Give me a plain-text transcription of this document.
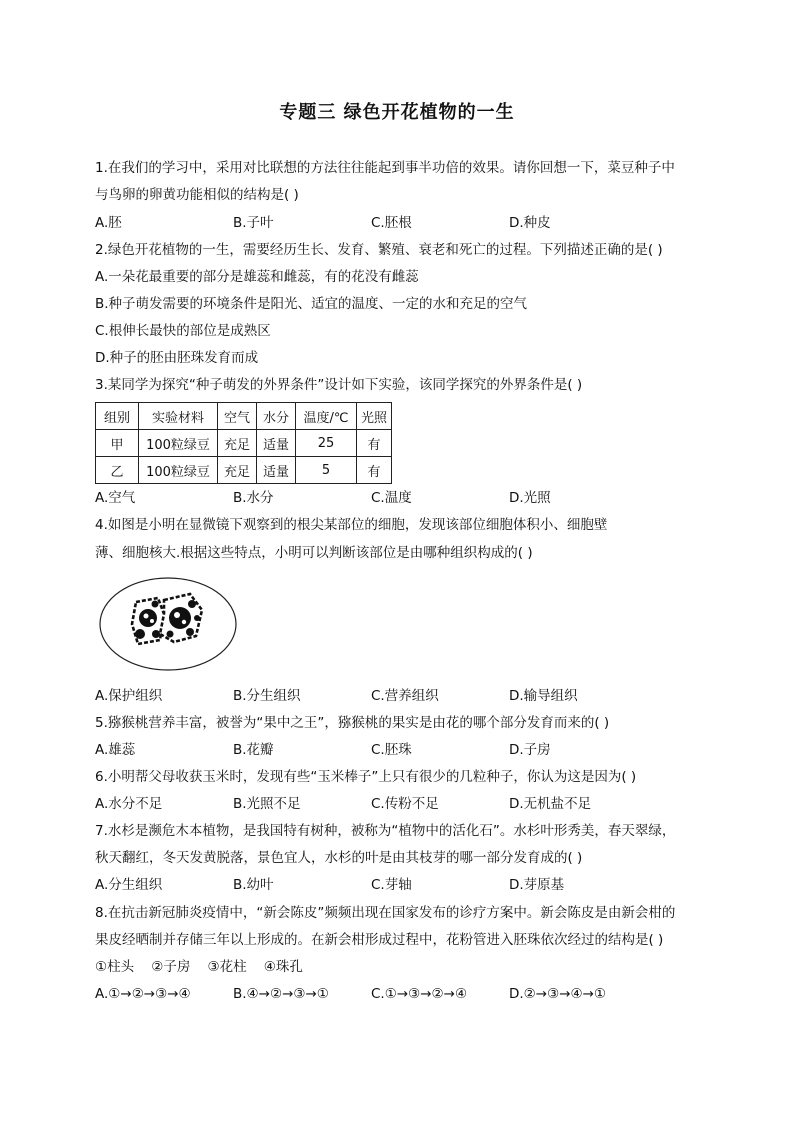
专题三 绿色开花植物的一生
1.在我们的学习中，采用对比联想的方法往往能起到事半功倍的效果。请你回想一下，菜豆种子中
与鸟卵的卵黄功能相似的结构是( )
A.胚	B.子叶	C.胚根	D.种皮
2.绿色开花植物的一生，需要经历生长、发育、繁殖、衰老和死亡的过程。下列描述正确的是( )
A.一朵花最重要的部分是雄蕊和雌蕊，有的花没有雌蕊
B.种子萌发需要的环境条件是阳光、适宜的温度、一定的水和充足的空气
C.根伸长最快的部位是成熟区
D.种子的胚由胚珠发育而成
3.某同学为探究“种子萌发的外界条件”设计如下实验，该同学探究的外界条件是( )
组别	实验材料	空气	水分	温度/℃	光照
甲	100粒绿豆	充足	适量	25	有
乙	100粒绿豆	充足	适量	5	有
A.空气	B.水分	C.温度	D.光照
4.如图是小明在显微镜下观察到的根尖某部位的细胞，发现该部位细胞体积小、细胞壁
薄、细胞核大.根据这些特点，小明可以判断该部位是由哪种组织构成的( )
A.保护组织	B.分生组织	C.营养组织	D.输导组织
5.猕猴桃营养丰富，被誉为“果中之王”，猕猴桃的果实是由花的哪个部分发育而来的( )
A.雄蕊	B.花瓣	C.胚珠	D.子房
6.小明帮父母收获玉米时，发现有些“玉米棒子”上只有很少的几粒种子，你认为这是因为( )
A.水分不足	B.光照不足	C.传粉不足	D.无机盐不足
7.水杉是濒危木本植物，是我国特有树种，被称为“植物中的活化石”。水杉叶形秀美，春天翠绿，
秋天翻红，冬天发黄脱落，景色宜人，水杉的叶是由其枝芽的哪一部分发育成的( )
A.分生组织	B.幼叶	C.芽轴	D.芽原基
8.在抗击新冠肺炎疫情中，“新会陈皮”频频出现在国家发布的诊疗方案中。新会陈皮是由新会柑的
果皮经晒制并存储三年以上形成的。在新会柑形成过程中，花粉管进入胚珠依次经过的结构是( )
①柱头    ②子房    ③花柱    ④珠孔
A.①→②→③→④	B.④→②→③→①	C.①→③→②→④	D.②→③→④→①
